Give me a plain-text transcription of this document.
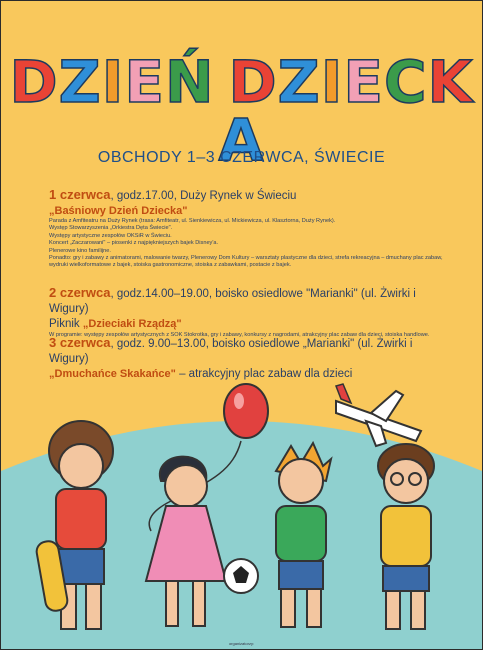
DZIEŃ DZIECKA
OBCHODY 1–3 CZERWCA, ŚWIECIE
1 czerwca, godz.17.00, Duży Rynek w Świeciu
„Baśniowy Dzień Dziecka"
Parada z Amfiteatru na Duży Rynek (trasa: Amfiteatr, ul. Sienkiewicza, ul. Mickiewicza, ul. Klasztorna, Duży Rynek).
Występ Stowarzyszenia „Orkiestra Dęta Świecie".
Występy artystyczne zespołów OKSiR w Świeciu.
Koncert „Zaczarowani" – piosenki z najpiękniejszych bajek Disney'a.
Plenerowe kino familijne.
Ponadto: gry i zabawy z animatorami, malowanie twarzy, Plenerowy Dom Kultury – warsztaty plastyczne dla dzieci, strefa rekreacyjna – dmuchany plac zabaw, wydruki wielkoformatowe z bajek, stoiska gastronomiczne, stoiska z zabawkami, postacie z bajek.
2 czerwca, godz.14.00–19.00, boisko osiedlowe "Marianki" (ul. Żwirki i Wigury)
Piknik „Dzieciaki Rządzą"
W programie: występy zespołów artystycznych z SOK Stokrotka, gry i zabawy, konkursy z nagrodami, atrakcyjny plac zabaw dla dzieci, stoiska handlowe.
3 czerwca, godz. 9.00–13.00, boisko osiedlowe „Marianki" (ul. Żwirki i Wigury)
„Dmuchańce Skakańce" – atrakcyjny plac zabaw dla dzieci
organizatorzy:
